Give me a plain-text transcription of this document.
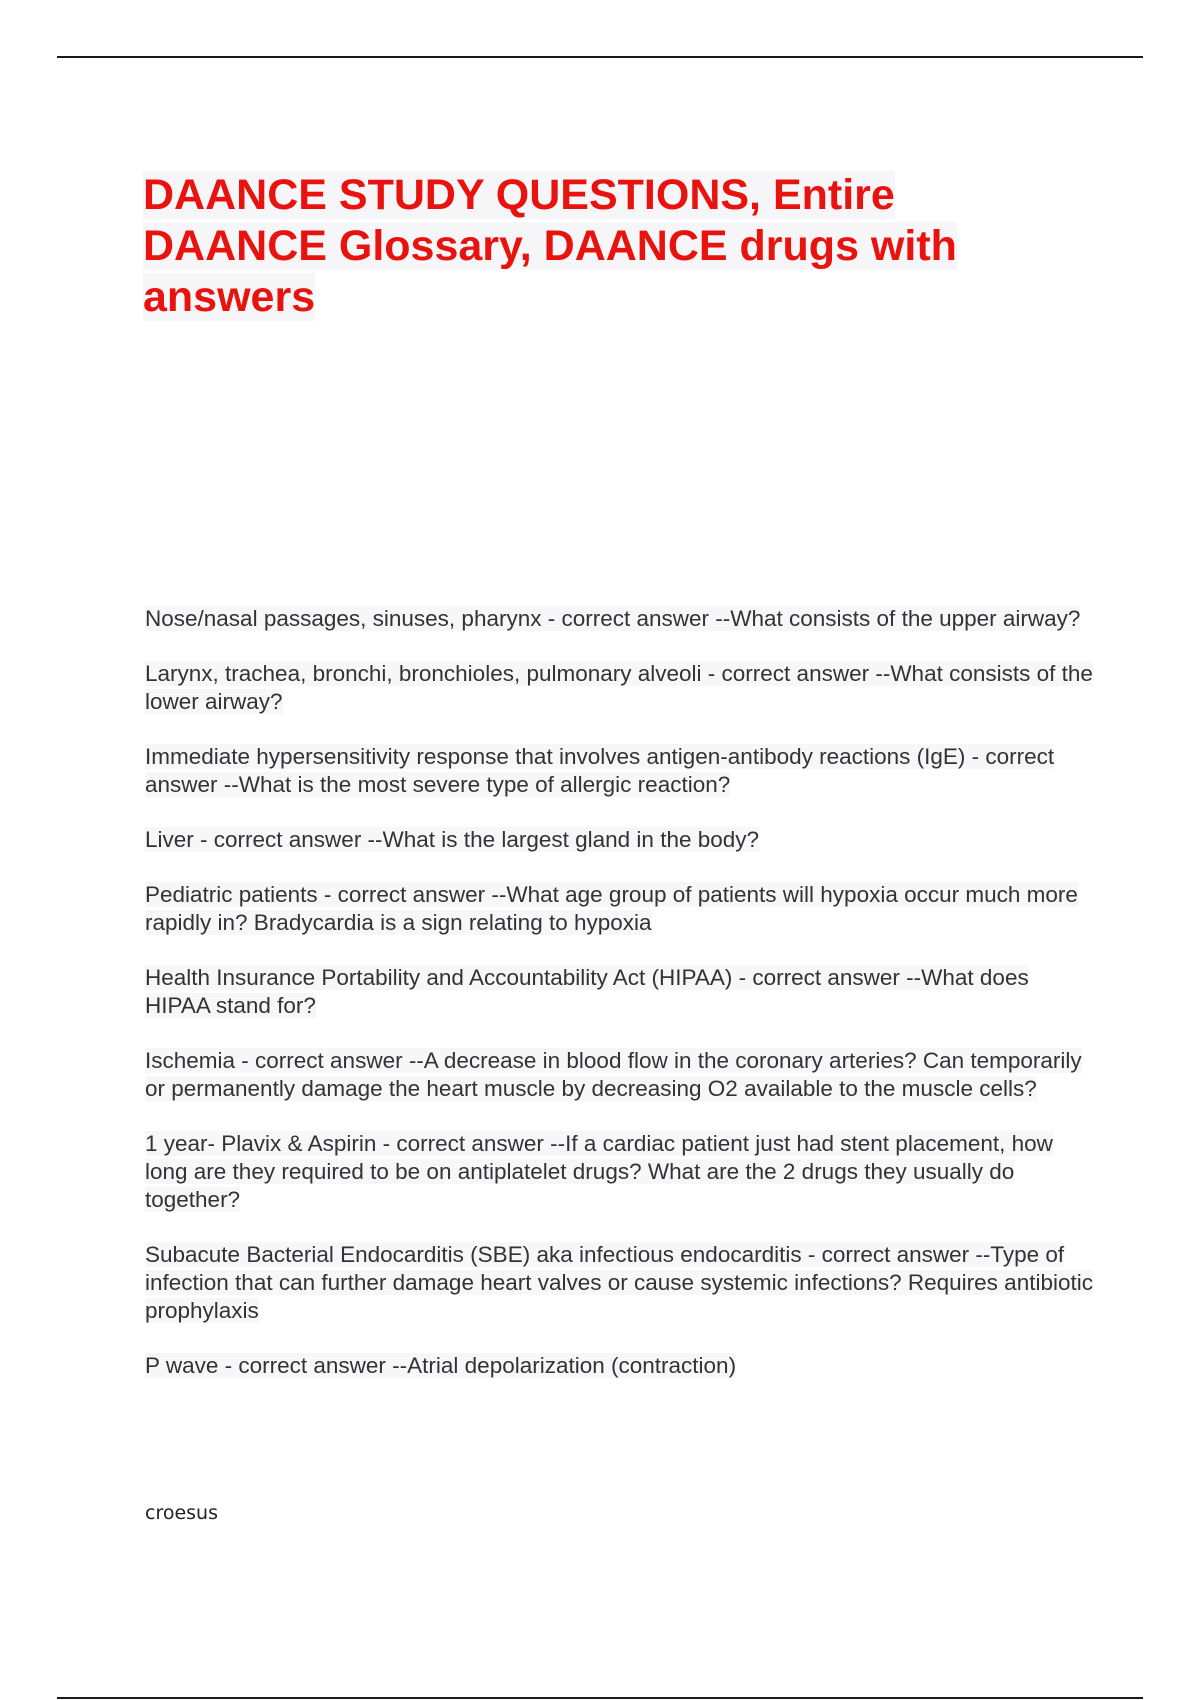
DAANCE STUDY QUESTIONS, Entire DAANCE Glossary, DAANCE drugs with answers
Nose/nasal passages, sinuses, pharynx - correct answer --What consists of the upper airway?
Larynx, trachea, bronchi, bronchioles, pulmonary alveoli - correct answer --What consists of the lower airway?
Immediate hypersensitivity response that involves antigen-antibody reactions (IgE) - correct answer --What is the most severe type of allergic reaction?
Liver - correct answer --What is the largest gland in the body?
Pediatric patients - correct answer --What age group of patients will hypoxia occur much more rapidly in? Bradycardia is a sign relating to hypoxia
Health Insurance Portability and Accountability Act (HIPAA) - correct answer --What does HIPAA stand for?
Ischemia - correct answer --A decrease in blood flow in the coronary arteries? Can temporarily or permanently damage the heart muscle by decreasing O2 available to the muscle cells?
1 year- Plavix & Aspirin - correct answer --If a cardiac patient just had stent placement, how long are they required to be on antiplatelet drugs? What are the 2 drugs they usually do together?
Subacute Bacterial Endocarditis (SBE) aka infectious endocarditis - correct answer --Type of infection that can further damage heart valves or cause systemic infections? Requires antibiotic prophylaxis
P wave - correct answer --Atrial depolarization (contraction)
croesus
